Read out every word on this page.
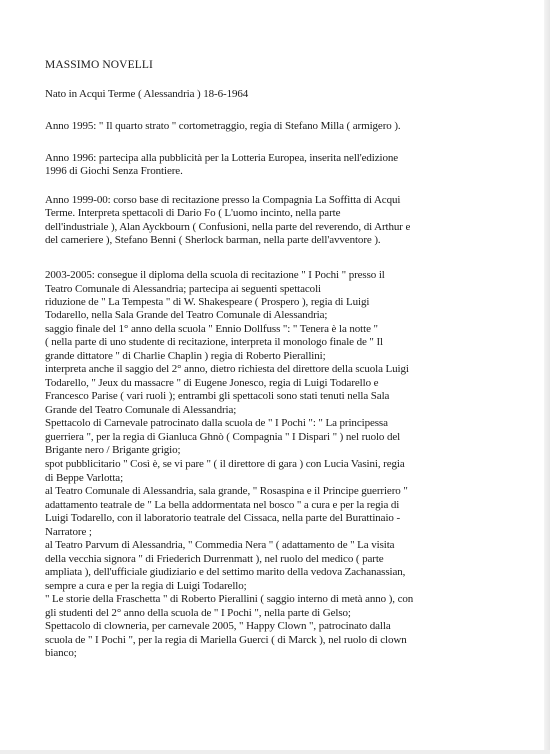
MASSIMO NOVELLI
Nato in Acqui Terme ( Alessandria ) 18-6-1964
Anno 1995: " Il quarto strato " cortometraggio, regia di Stefano Milla ( armigero ).
Anno 1996: partecipa alla pubblicità per la Lotteria Europea, inserita nell'edizione
1996 di Giochi Senza Frontiere.
Anno 1999-00: corso base di recitazione presso la Compagnia La Soffitta di Acqui
Terme. Interpreta spettacoli di Dario Fo ( L'uomo incinto, nella parte
dell'industriale ), Alan Ayckbourn ( Confusioni, nella parte del reverendo, di Arthur e
del cameriere ), Stefano Benni ( Sherlock barman, nella parte dell'avventore ).
2003-2005: consegue il diploma della scuola di recitazione " I Pochi " presso il
Teatro Comunale di Alessandria; partecipa ai seguenti spettacoli
riduzione de " La Tempesta " di W. Shakespeare ( Prospero ), regia di Luigi
Todarello, nella Sala Grande del Teatro Comunale di Alessandria;
saggio finale del 1° anno della scuola " Ennio Dollfuss ": " Tenera è la notte "
( nella parte di uno studente di recitazione, interpreta il monologo finale de " Il
grande dittatore " di Charlie Chaplin ) regia di Roberto Pierallini;
interpreta anche il saggio del 2° anno, dietro richiesta del direttore della scuola Luigi
Todarello, " Jeux du massacre " di Eugene Jonesco, regia di Luigi Todarello e
Francesco Parise ( vari ruoli ); entrambi gli spettacoli sono stati tenuti nella Sala
Grande del Teatro Comunale di Alessandria;
Spettacolo di Carnevale patrocinato dalla scuola de " I Pochi ": " La principessa
guerriera ", per la regia di Gianluca Ghnò ( Compagnia " I Dispari " ) nel ruolo del
Brigante nero / Brigante grigio;
spot pubblicitario " Così è, se vi pare " ( il direttore di gara ) con Lucia Vasini, regia
di Beppe Varlotta;
al Teatro Comunale di Alessandria, sala grande, " Rosaspina e il Principe guerriero "
adattamento teatrale de " La bella addormentata nel bosco " a cura e per la regia di
Luigi Todarello, con il laboratorio teatrale del Cissaca, nella parte del Burattinaio -
Narratore ;
al Teatro Parvum di Alessandria, " Commedia Nera " ( adattamento de " La visita
della vecchia signora " di Friederich Durrenmatt ), nel ruolo del medico ( parte
ampliata ), dell'ufficiale giudiziario e del settimo marito della vedova Zachanassian,
sempre a cura e per la regia di Luigi Todarello;
" Le storie della Fraschetta " di Roberto Pierallini ( saggio interno di metà anno ), con
gli studenti del 2° anno della scuola de " I Pochi ", nella parte di Gelso;
Spettacolo di clowneria, per carnevale 2005, " Happy Clown ", patrocinato dalla
scuola de " I Pochi ", per la regia di Mariella Guerci ( di Marck ), nel ruolo di clown
bianco;
